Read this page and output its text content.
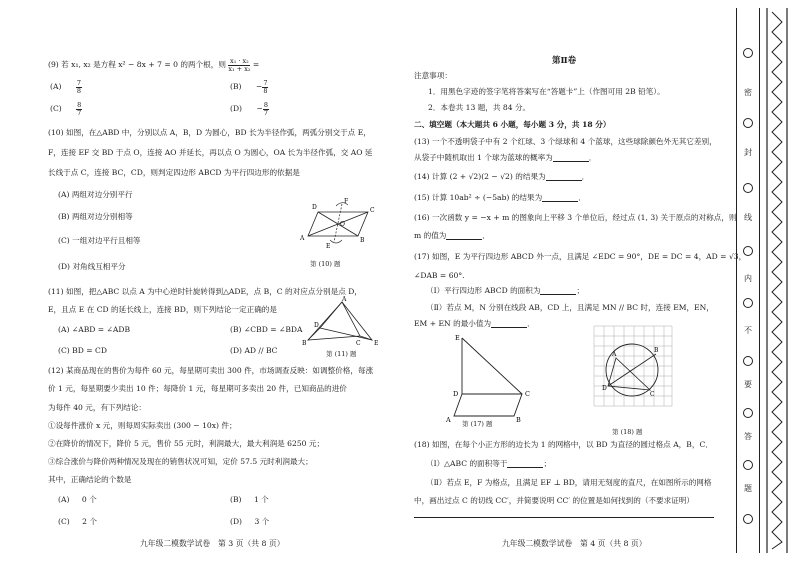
(9) 若 x₁, x₂ 是方程 x² − 8x + 7 = 0 的两个根，则 $\frac{\text{x₁ · x₂}}{\text{x₁ + x₂}}$ =
$(A) \frac{7}{8}$	$(B) - \frac{7}{8}$
$(C) \frac{8}{7}$	$(D) - \frac{8}{7}$
(10) 如图，在△ABD 中，分别以点 A，B，D 为圆心，BD 长为半径作弧，两弧分别交于点 E，
F，连接 EF 交 BD 于点 O，连接 AO 并延长，再以点 O 为圆心，OA 长为半径作弧，交 AO 延
长线于点 C，连接 BC，CD，则判定四边形 ABCD 为平行四边形的依据是
(A) 两组对边分别平行
(B) 两组对边分别相等
(C) 一组对边平行且相等
(D) 对角线互相平分
A
D	C
B
O
F
E
第 (10) 题
(11) 如图，把△ABC 以点 A 为中心逆时针旋转得到△ADE，点 B，C 的对应点分别是点 D，
E，且点 E 在 CD 的延长线上，连接 BD，则下列结论一定正确的是
(A) ∠ABD = ∠ADB	(B) ∠CBD = ∠BDA
(C) BD = CD	(D) AD // BC
A
B
D
C E
第 (11) 题
(12) 某商品现在的售价为每件 60 元，每星期可卖出 300 件，市场调查反映：如调整价格，每涨
价 1 元，每星期要少卖出 10 件；每降价 1 元，每星期可多卖出 20 件，已知商品的进价
为每件 40 元，有下列结论：
①设每件涨价 x 元，则每周实际卖出 (300 − 10x) 件；
②在降价的情况下，降价 5 元，售价 55 元时，利润最大，最大利润是 6250 元；
③综合涨价与降价两种情况及现在的销售状况可知，定价 57.5 元时利润最大；
其中，正确结论的个数是
(A) 0 个	(B) 1 个
(C) 2 个	(D) 3 个
九年级二模数学试卷　第 3 页（共 8 页）
第Ⅱ卷
注意事项：
1．用黑色字迹的签字笔将答案写在“答题卡”上（作图可用 2B 铅笔）。
2．本卷共 13 题，共 84 分。
二、填空题（本大题共 6 小题，每小题 3 分，共 18 分）
(13) 一个不透明袋子中有 2 个红球、3 个绿球和 4 个蓝球，这些球除颜色外无其它差别，
从袋子中随机取出 1 个球为蓝球的概率为	．
(14) 计算 (2 + √2)(2 − √2) 的结果为	．
(15) 计算 10ab² ÷ (−5ab) 的结果为	．
(16) 一次函数 y = −x + m 的图象向上平移 3 个单位后，经过点 (1, 3) 关于原点的对称点，则
m 的值为	．
(17) 如图，E 为平行四边形 ABCD 外一点，且满足 ∠EDC = 90°，DE = DC = 4，AD = √3，
∠DAB = 60°.
（Ⅰ）平行四边形 ABCD 的面积为	；
（Ⅱ）若点 M，N 分别在线段 AB，CD 上，且满足 MN // BC 时，连接 EM，EN，
EM + EN 的最小值为	．
E
D	C
A	B
第 (17) 题
A
D
B
C
第 (18) 题
(18) 如图，在每个小正方形的边长为 1 的网格中，以 BD 为直径的圆过格点 A，B，C．
（Ⅰ）△ABC 的面积等于	；
（Ⅱ）若点 E，F 为格点，且满足 EF ⊥ BD，请用无刻度的直尺，在如图所示的网格
中，画出过点 C 的切线 CC′，并简要说明 CC′ 的位置是如何找到的（不要求证明）
九年级二模数学试卷　第 4 页（共 8 页）
密
封
线
内
不
要
答
题
